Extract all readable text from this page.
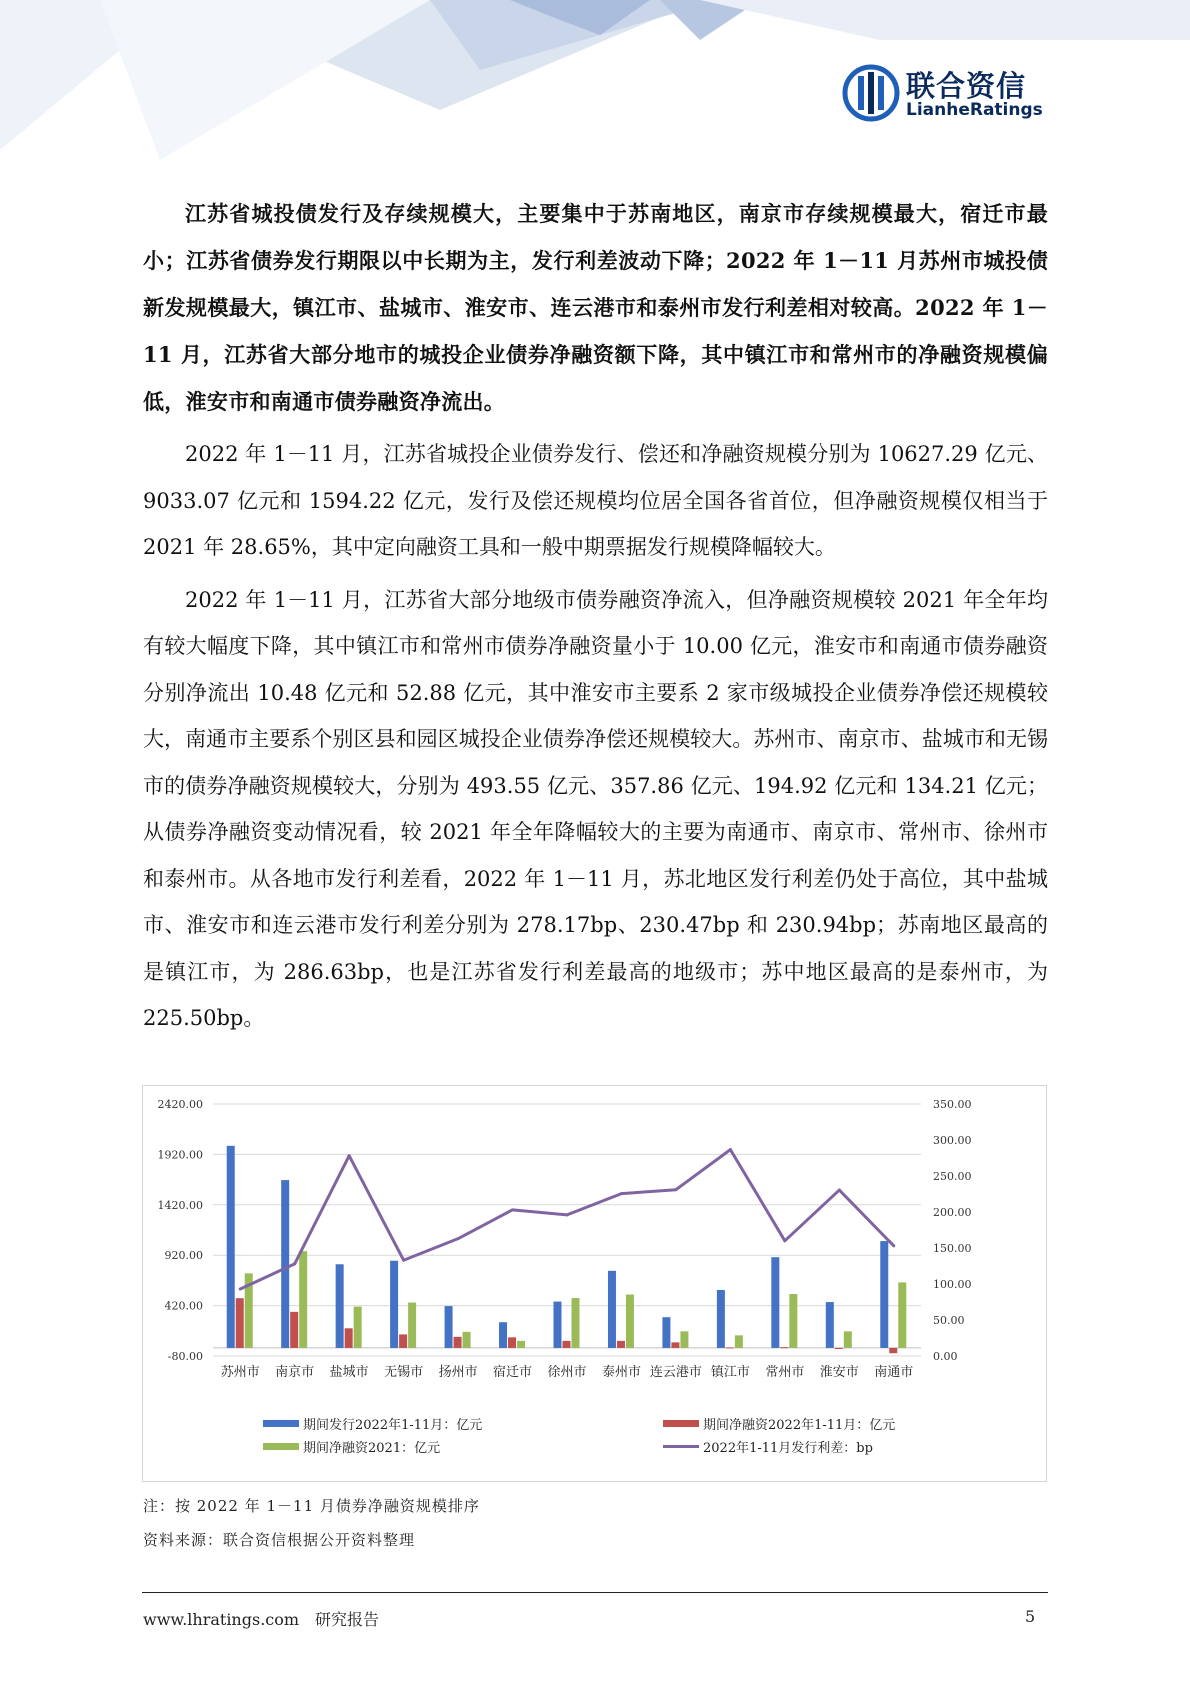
联合资信
LianheRatings

江苏省城投债发行及存续规模大，主要集中于苏南地区，南京市存续规模最大，宿迁市最小；江苏省债券发行期限以中长期为主，发行利差波动下降；2022 年 1－11 月苏州市城投债新发规模最大，镇江市、盐城市、淮安市、连云港市和泰州市发行利差相对较高。2022 年 1－11 月，江苏省大部分地市的城投企业债券净融资额下降，其中镇江市和常州市的净融资规模偏低，淮安市和南通市债券融资净流出。

2022 年 1－11 月，江苏省城投企业债券发行、偿还和净融资规模分别为 10627.29 亿元、9033.07 亿元和 1594.22 亿元，发行及偿还规模均位居全国各省首位，但净融资规模仅相当于 2021 年 28.65%，其中定向融资工具和一般中期票据发行规模降幅较大。

2022 年 1－11 月，江苏省大部分地级市债券融资净流入，但净融资规模较 2021 年全年均有较大幅度下降，其中镇江市和常州市债券净融资量小于 10.00 亿元，淮安市和南通市债券融资分别净流出 10.48 亿元和 52.88 亿元，其中淮安市主要系 2 家市级城投企业债券净偿还规模较大，南通市主要系个别区县和园区城投企业债券净偿还规模较大。苏州市、南京市、盐城市和无锡市的债券净融资规模较大，分别为 493.55 亿元、357.86 亿元、194.92 亿元和 134.21 亿元；从债券净融资变动情况看，较 2021 年全年降幅较大的主要为南通市、南京市、常州市、徐州市和泰州市。从各地市发行利差看，2022 年 1－11 月，苏北地区发行利差仍处于高位，其中盐城市、淮安市和连云港市发行利差分别为 278.17bp、230.47bp 和 230.94bp；苏南地区最高的是镇江市，为 286.63bp，也是江苏省发行利差最高的地级市；苏中地区最高的是泰州市，为 225.50bp。

2420.00
1920.00
1420.00
920.00
420.00
-80.00
350.00
300.00
250.00
200.00
150.00
100.00
50.00
0.00
苏州市 南京市 盐城市 无锡市 扬州市 宿迁市 徐州市 泰州市 连云港市 镇江市 常州市 淮安市 南通市
期间发行2022年1-11月：亿元	期间净融资2022年1-11月：亿元
期间净融资2021：亿元	2022年1-11月发行利差：bp
注：按 2022 年 1－11 月债券净融资规模排序
资料来源：联合资信根据公开资料整理
www.lhratings.com　研究报告	5
